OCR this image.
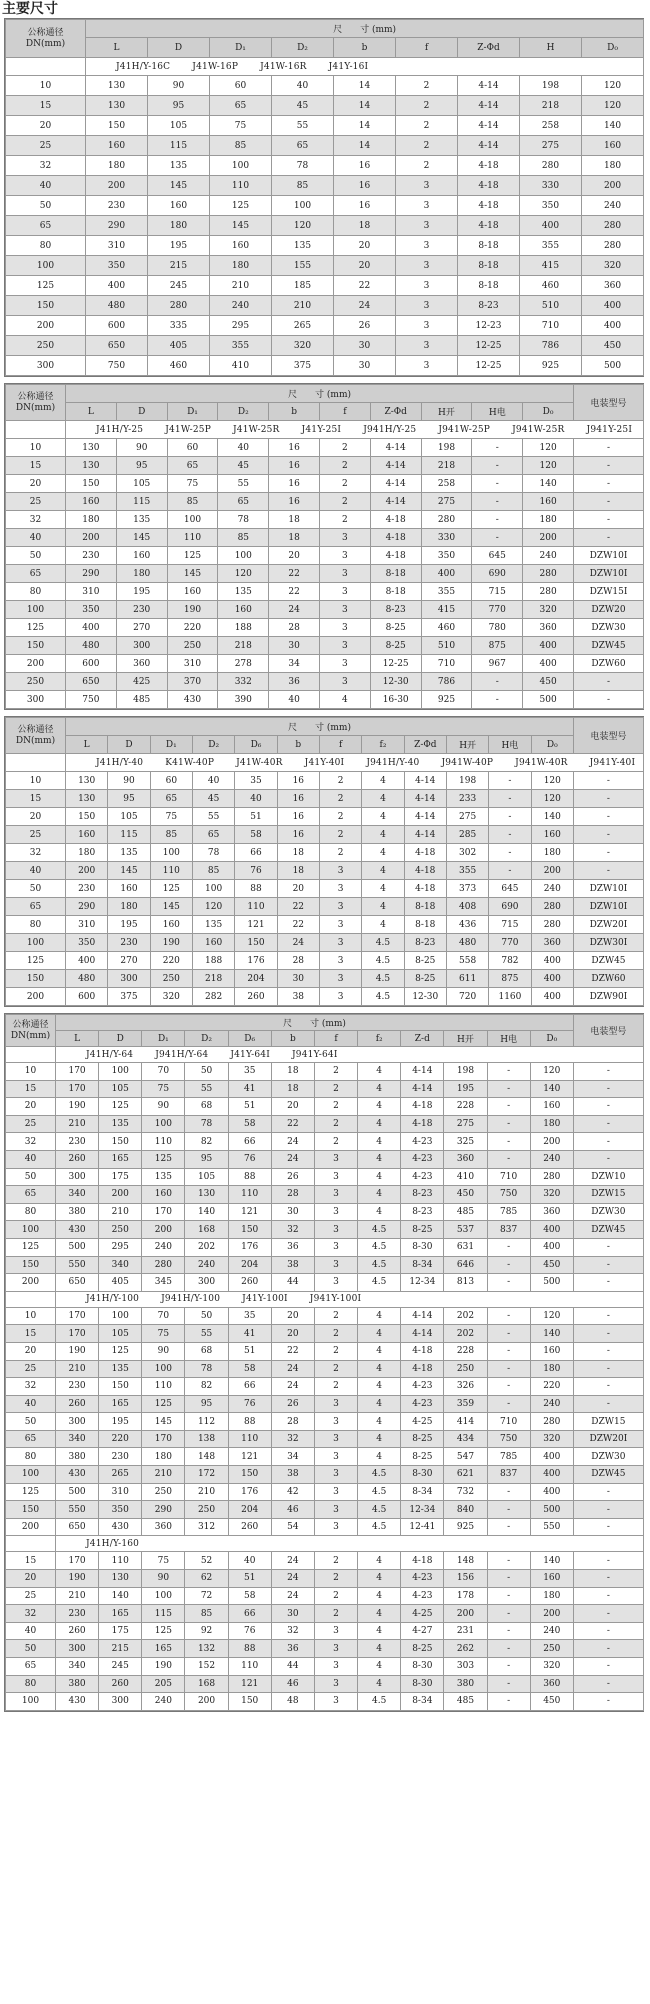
主要尺寸
公称通径
DN(mm)	尺　　寸 (mm)								
	L	D	D₁	D₂	b	f	Z-Φd	H	D₀
	J41H/Y-16C J41W-16P J41W-16R J41Y-16I								
10	130	90	60	40	14	2	4-14	198	120
15	130	95	65	45	14	2	4-14	218	120
20	150	105	75	55	14	2	4-14	258	140
25	160	115	85	65	14	2	4-14	275	160
32	180	135	100	78	16	2	4-18	280	180
40	200	145	110	85	16	3	4-18	330	200
50	230	160	125	100	16	3	4-18	350	240
65	290	180	145	120	18	3	4-18	400	280
80	310	195	160	135	20	3	8-18	355	280
100	350	215	180	155	20	3	8-18	415	320
125	400	245	210	185	22	3	8-18	460	360
150	480	280	240	210	24	3	8-23	510	400
200	600	335	295	265	26	3	12-23	710	400
250	650	405	355	320	30	3	12-25	786	450
300	750	460	410	375	30	3	12-25	925	500
公称通径
DN(mm)	尺　　寸 (mm)										电装型号
	L	D	D₁	D₂	b	f	Z-Φd	H开	H电	D₀	
	J41H/Y-25 J41W-25P J41W-25R J41Y-25I J941H/Y-25 J941W-25P J941W-25R J941Y-25I										
10	130	90	60	40	16	2	4-14	198	-	120	-
15	130	95	65	45	16	2	4-14	218	-	120	-
20	150	105	75	55	16	2	4-14	258	-	140	-
25	160	115	85	65	16	2	4-14	275	-	160	-
32	180	135	100	78	18	2	4-18	280	-	180	-
40	200	145	110	85	18	3	4-18	330	-	200	-
50	230	160	125	100	20	3	4-18	350	645	240	DZW10I
65	290	180	145	120	22	3	8-18	400	690	280	DZW10I
80	310	195	160	135	22	3	8-18	355	715	280	DZW15I
100	350	230	190	160	24	3	8-23	415	770	320	DZW20
125	400	270	220	188	28	3	8-25	460	780	360	DZW30
150	480	300	250	218	30	3	8-25	510	875	400	DZW45
200	600	360	310	278	34	3	12-25	710	967	400	DZW60
250	650	425	370	332	36	3	12-30	786	-	450	-
300	750	485	430	390	40	4	16-30	925	-	500	-
公称通径
DN(mm)	尺　　寸 (mm)												电装型号
	L	D	D₁	D₂	D₆	b	f	f₂	Z-Φd	H开	H电	D₀	
	J41H/Y-40 K41W-40P J41W-40R J41Y-40I J941H/Y-40 J941W-40P J941W-40R J941Y-40I												
10	130	90	60	40	35	16	2	4	4-14	198	-	120	-
15	130	95	65	45	40	16	2	4	4-14	233	-	120	-
20	150	105	75	55	51	16	2	4	4-14	275	-	140	-
25	160	115	85	65	58	16	2	4	4-14	285	-	160	-
32	180	135	100	78	66	18	2	4	4-18	302	-	180	-
40	200	145	110	85	76	18	3	4	4-18	355	-	200	-
50	230	160	125	100	88	20	3	4	4-18	373	645	240	DZW10I
65	290	180	145	120	110	22	3	4	8-18	408	690	280	DZW10I
80	310	195	160	135	121	22	3	4	8-18	436	715	280	DZW20I
100	350	230	190	160	150	24	3	4.5	8-23	480	770	360	DZW30I
125	400	270	220	188	176	28	3	4.5	8-25	558	782	400	DZW45
150	480	300	250	218	204	30	3	4.5	8-25	611	875	400	DZW60
200	600	375	320	282	260	38	3	4.5	12-30	720	1160	400	DZW90I
公称通径
DN(mm)	尺　　寸 (mm)												电装型号
	L	D	D₁	D₂	D₆	b	f	f₂	Z-d	H开	H电	D₀	
	J41H/Y-64 J941H/Y-64 J41Y-64I J941Y-64I												
10	170	100	70	50	35	18	2	4	4-14	198	-	120	-
15	170	105	75	55	41	18	2	4	4-14	195	-	140	-
20	190	125	90	68	51	20	2	4	4-18	228	-	160	-
25	210	135	100	78	58	22	2	4	4-18	275	-	180	-
32	230	150	110	82	66	24	2	4	4-23	325	-	200	-
40	260	165	125	95	76	24	3	4	4-23	360	-	240	-
50	300	175	135	105	88	26	3	4	4-23	410	710	280	DZW10
65	340	200	160	130	110	28	3	4	8-23	450	750	320	DZW15
80	380	210	170	140	121	30	3	4	8-23	485	785	360	DZW30
100	430	250	200	168	150	32	3	4.5	8-25	537	837	400	DZW45
125	500	295	240	202	176	36	3	4.5	8-30	631	-	400	-
150	550	340	280	240	204	38	3	4.5	8-34	646	-	450	-
200	650	405	345	300	260	44	3	4.5	12-34	813	-	500	-
	J41H/Y-100 J941H/Y-100 J41Y-100I J941Y-100I												
10	170	100	70	50	35	20	2	4	4-14	202	-	120	-
15	170	105	75	55	41	20	2	4	4-14	202	-	140	-
20	190	125	90	68	51	22	2	4	4-18	228	-	160	-
25	210	135	100	78	58	24	2	4	4-18	250	-	180	-
32	230	150	110	82	66	24	2	4	4-23	326	-	220	-
40	260	165	125	95	76	26	3	4	4-23	359	-	240	-
50	300	195	145	112	88	28	3	4	4-25	414	710	280	DZW15
65	340	220	170	138	110	32	3	4	8-25	434	750	320	DZW20I
80	380	230	180	148	121	34	3	4	8-25	547	785	400	DZW30
100	430	265	210	172	150	38	3	4.5	8-30	621	837	400	DZW45
125	500	310	250	210	176	42	3	4.5	8-34	732	-	400	-
150	550	350	290	250	204	46	3	4.5	12-34	840	-	500	-
200	650	430	360	312	260	54	3	4.5	12-41	925	-	550	-
	J41H/Y-160												
15	170	110	75	52	40	24	2	4	4-18	148	-	140	-
20	190	130	90	62	51	24	2	4	4-23	156	-	160	-
25	210	140	100	72	58	24	2	4	4-23	178	-	180	-
32	230	165	115	85	66	30	2	4	4-25	200	-	200	-
40	260	175	125	92	76	32	3	4	4-27	231	-	240	-
50	300	215	165	132	88	36	3	4	8-25	262	-	250	-
65	340	245	190	152	110	44	3	4	8-30	303	-	320	-
80	380	260	205	168	121	46	3	4	8-30	380	-	360	-
100	430	300	240	200	150	48	3	4.5	8-34	485	-	450	-
